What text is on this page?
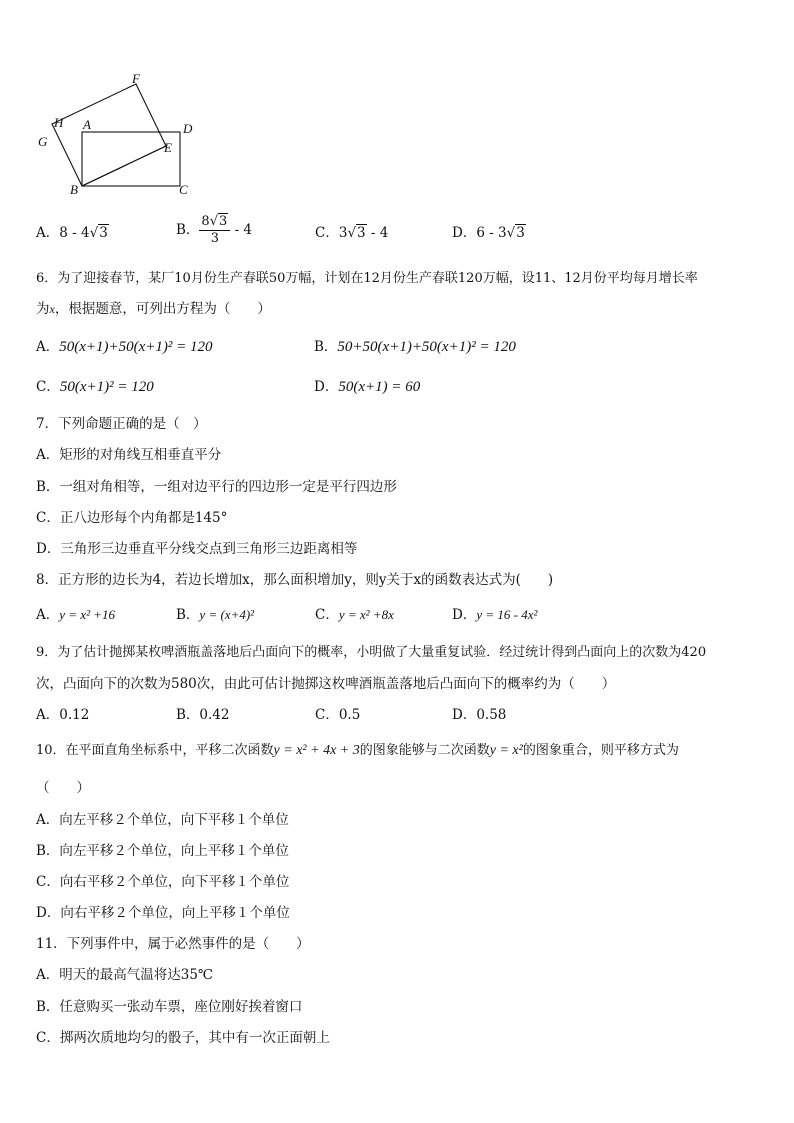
F
H A	D
G	E
B	C
A．8 - 4√3	B． $\frac{8√3}{3} - 4$	C．3√3 - 4	D．6 - 3√3
6．为了迎接春节，某厂10月份生产春联50万幅，计划在12月份生产春联120万幅，设11、12月份平均每月增长率
为x，根据题意，可列出方程为（　　）
A．50(x+1)+50(x+1)² = 120	B．50+50(x+1)+50(x+1)² = 120
C．50(x+1)² = 120	D．50(x+1) = 60
7．下列命题正确的是（　）
A．矩形的对角线互相垂直平分
B．一组对角相等，一组对边平行的四边形一定是平行四边形
C．正八边形每个内角都是145°
D．三角形三边垂直平分线交点到三角形三边距离相等
8．正方形的边长为4，若边长增加x，那么面积增加y，则y关于x的函数表达式为(　　)
A．y = x² +16	B．y = (x+4)²	C．y = x² +8x	D．y = 16 - 4x²
9．为了估计抛掷某枚啤酒瓶盖落地后凸面向下的概率，小明做了大量重复试验．经过统计得到凸面向上的次数为420
次，凸面向下的次数为580次，由此可估计抛掷这枚啤酒瓶盖落地后凸面向下的概率约为（　　）
A．0.12	B．0.42	C．0.5	D．0.58
10．在平面直角坐标系中，平移二次函数y = x² + 4x + 3的图象能够与二次函数y = x²的图象重合，则平移方式为
（　　）
A．向左平移２个单位，向下平移１个单位
B．向左平移２个单位，向上平移１个单位
C．向右平移２个单位，向下平移１个单位
D．向右平移２个单位，向上平移１个单位
11．下列事件中，属于必然事件的是（　　）
A．明天的最高气温将达35℃
B．任意购买一张动车票，座位刚好挨着窗口
C．掷两次质地均匀的骰子，其中有一次正面朝上
